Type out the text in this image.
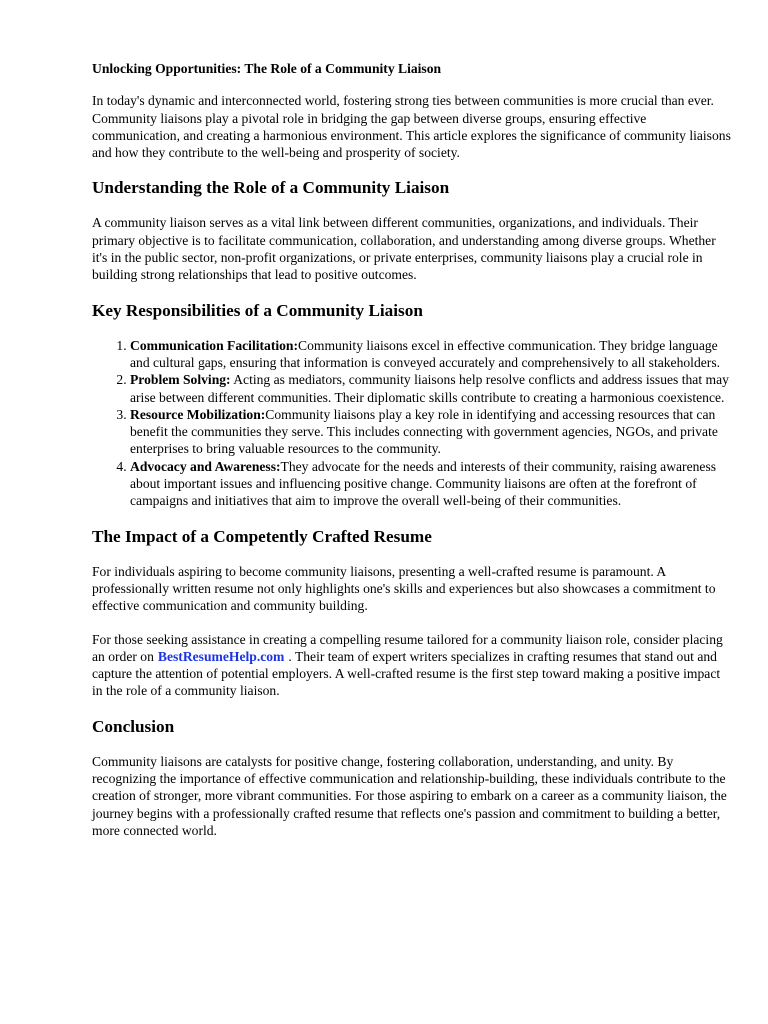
Unlocking Opportunities: The Role of a Community Liaison

In today's dynamic and interconnected world, fostering strong ties between communities is more crucial than ever. Community liaisons play a pivotal role in bridging the gap between diverse groups, ensuring effective communication, and creating a harmonious environment. This article explores the significance of community liaisons and how they contribute to the well-being and prosperity of society.

Understanding the Role of a Community Liaison

A community liaison serves as a vital link between different communities, organizations, and individuals. Their primary objective is to facilitate communication, collaboration, and understanding among diverse groups. Whether it's in the public sector, non-profit organizations, or private enterprises, community liaisons play a crucial role in building strong relationships that lead to positive outcomes.

Key Responsibilities of a Community Liaison
1. Communication Facilitation:Community liaisons excel in effective communication. They bridge language and cultural gaps, ensuring that information is conveyed accurately and comprehensively to all stakeholders.
2. Problem Solving: Acting as mediators, community liaisons help resolve conflicts and address issues that may arise between different communities. Their diplomatic skills contribute to creating a harmonious coexistence.
3. Resource Mobilization:Community liaisons play a key role in identifying and accessing resources that can benefit the communities they serve. This includes connecting with government agencies, NGOs, and private enterprises to bring valuable resources to the community.
4. Advocacy and Awareness:They advocate for the needs and interests of their community, raising awareness about important issues and influencing positive change. Community liaisons are often at the forefront of campaigns and initiatives that aim to improve the overall well-being of their communities.
The Impact of a Competently Crafted Resume

For individuals aspiring to become community liaisons, presenting a well-crafted resume is paramount. A professionally written resume not only highlights one's skills and experiences but also showcases a commitment to effective communication and community building.

For those seeking assistance in creating a compelling resume tailored for a community liaison role, consider placing an order on BestResumeHelp.com . Their team of expert writers specializes in crafting resumes that stand out and capture the attention of potential employers. A well-crafted resume is the first step toward making a positive impact in the role of a community liaison.

Conclusion

Community liaisons are catalysts for positive change, fostering collaboration, understanding, and unity. By recognizing the importance of effective communication and relationship-building, these individuals contribute to the creation of stronger, more vibrant communities. For those aspiring to embark on a career as a community liaison, the journey begins with a professionally crafted resume that reflects one's passion and commitment to building a better, more connected world.
